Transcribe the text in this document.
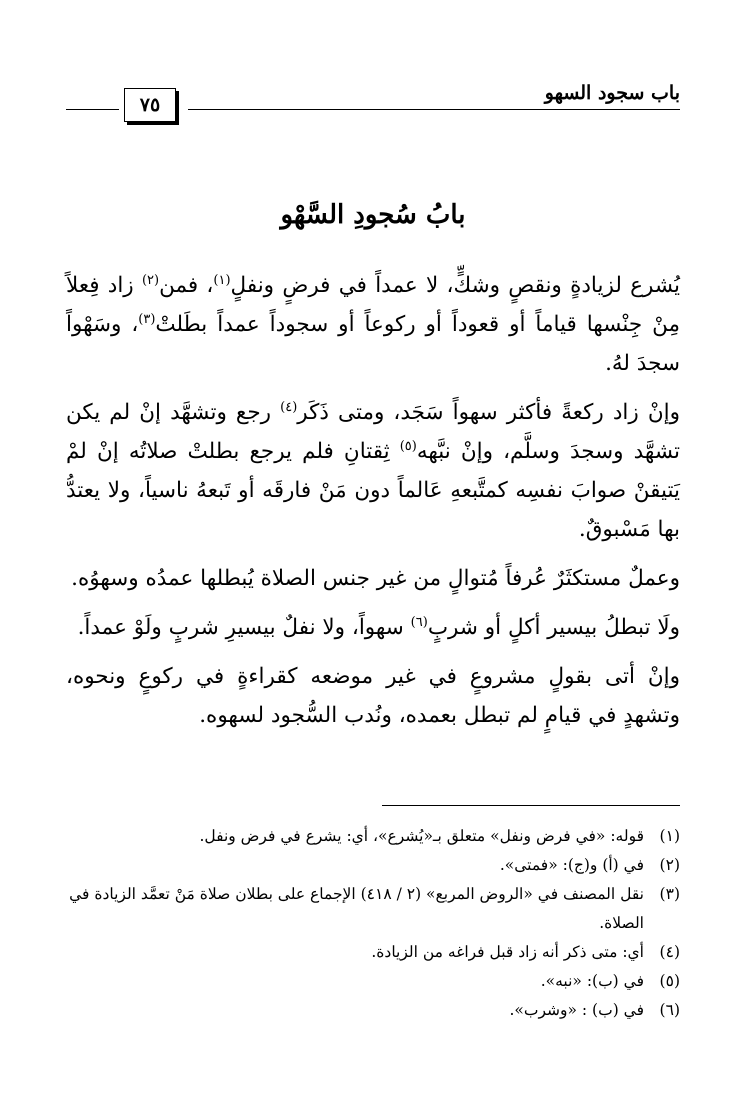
باب سجود السهو
٧٥
بابُ سُجودِ السَّهْو

يُشرع لزيادةٍ ونقصٍ وشكٍّ، لا عمداً في فرضٍ ونفلٍ$^{(١)}$، فمن$^{(٢)}$ زاد فِعلاً مِنْ جِنْسها قياماً أو قعوداً أو ركوعاً أو سجوداً عمداً بطَلتْ$^{(٣)}$، وسَهْواً سجدَ لهُ.

وإنْ زاد ركعةً فأكثر سهواً سَجَد، ومتى ذَكَر$^{(٤)}$ رجع وتشهَّد إنْ لم يكن تشهَّد وسجدَ وسلَّم، وإنْ نبَّهه$^{(٥)}$ ثِقتانِ فلم يرجع بطلتْ صلاتُه إنْ لمْ يَتيقنْ صوابَ نفسِه كمتَّبعهِ عَالماً دون مَنْ فارقَه أو تَبعهُ ناسياً، ولا يعتدُّ بها مَسْبوقٌ.

وعملٌ مستكثَرٌ عُرفاً مُتوالٍ من غير جنس الصلاة يُبطلها عمدُه وسهوُه.

ولَا تبطلُ بيسير أكلٍ أو شربٍ$^{(٦)}$ سهواً، ولا نفلٌ بيسيرِ شربٍ ولَوْ عمداً.

وإنْ أتى بقولٍ مشروعٍ في غير موضعه كقراءةٍ في ركوعٍ ونحوه، وتشهدٍ في قيامٍ لم تبطل بعمده، ونُدب السُّجود لسهوه.

(١)
قوله: «في فرض ونفل» متعلق بـ«يُشرع»، أي: يشرع في فرض ونفل.
(٢)
في (أ) و(ج): «فمتى».
(٣)
نقل المصنف في «الروض المربع» (٢ / ٤١٨) الإجماع على بطلان صلاة مَنْ تعمَّد الزيادة في الصلاة.
(٤)
أي: متى ذكر أنه زاد قبل فراغه من الزيادة.
(٥)
في (ب): «نبه».
(٦)
في (ب) : «وشرب».
